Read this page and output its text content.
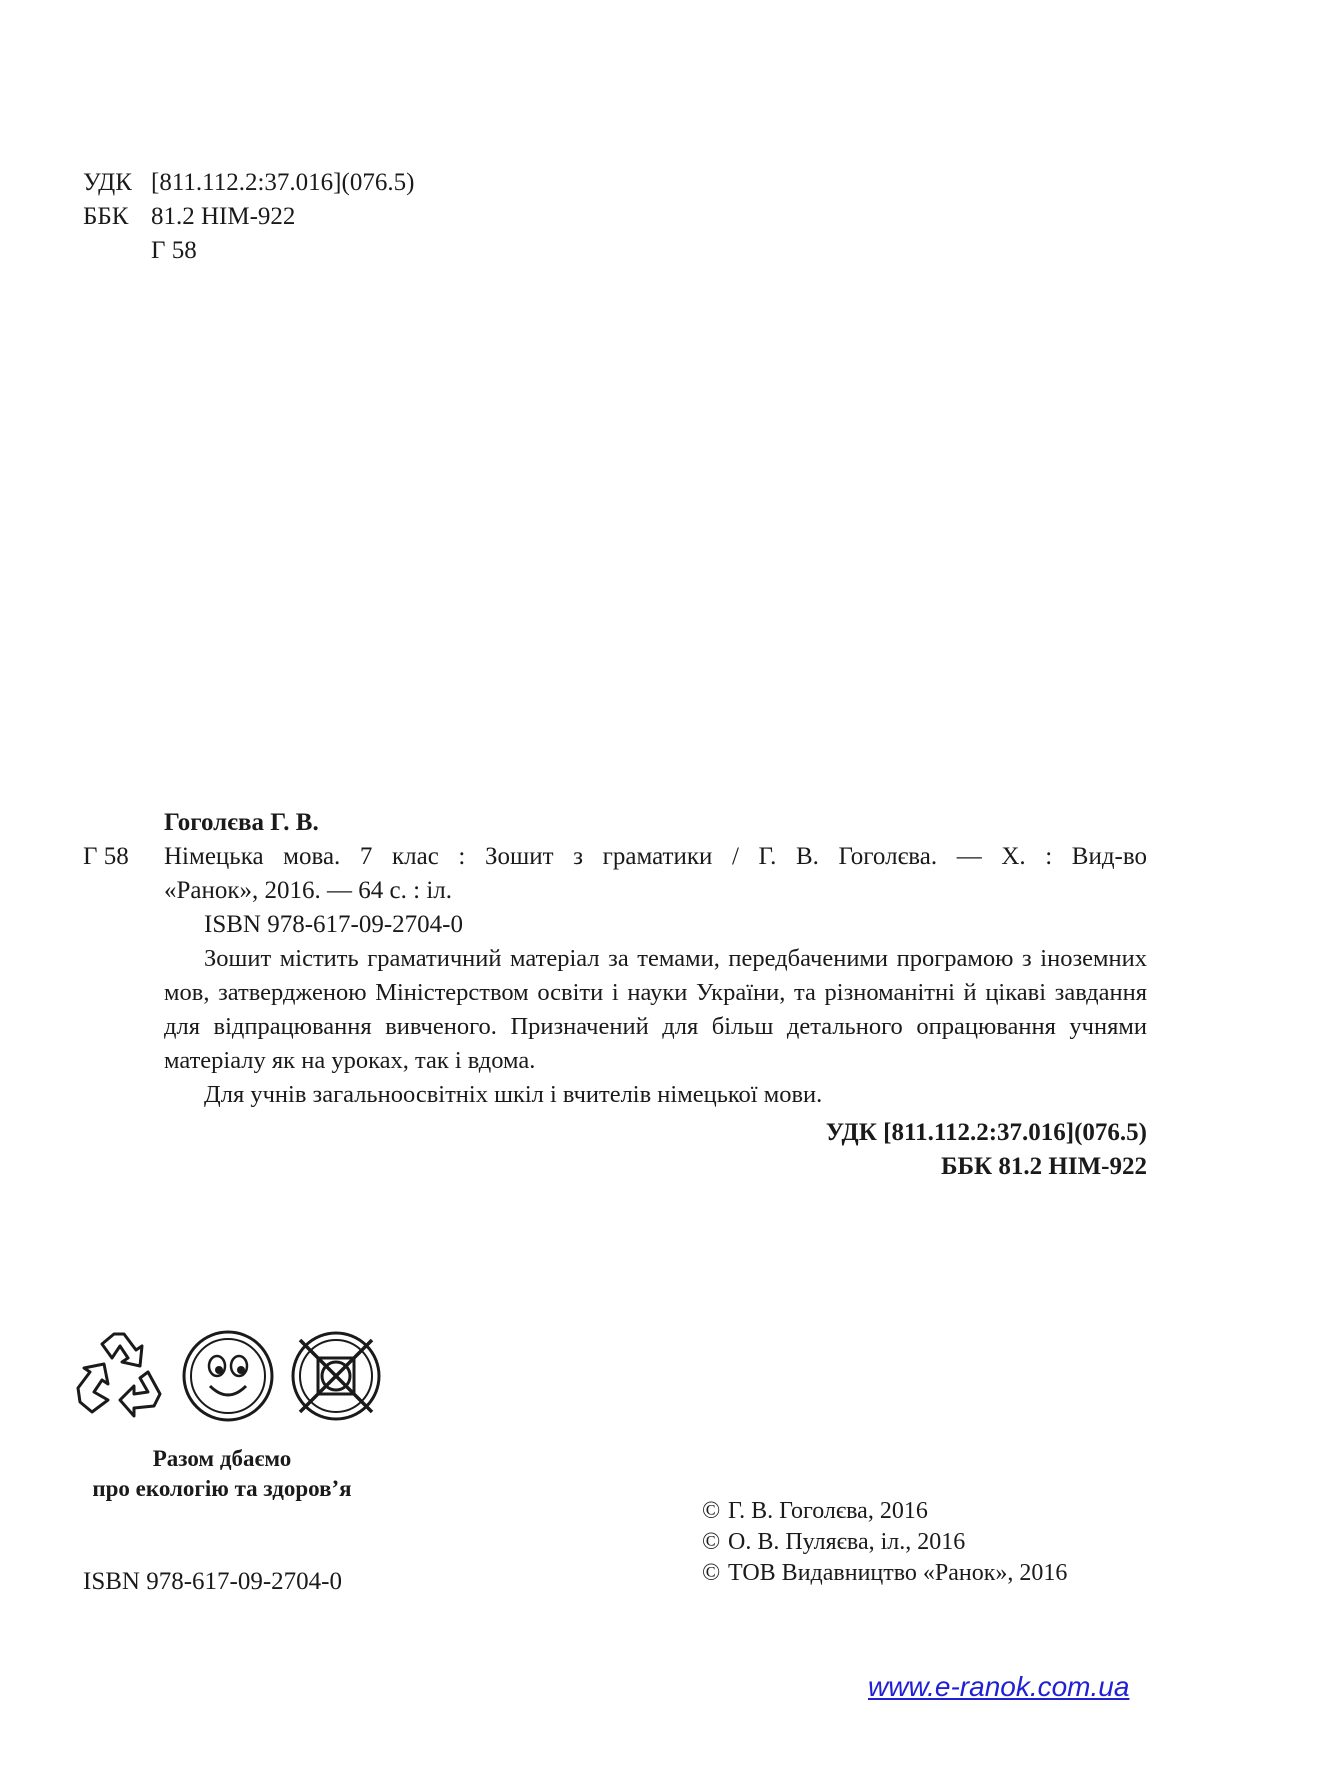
УДК [811.112.2:37.016](076.5)
ББК 81.2 НІМ-922
Г 58
Гоголєва Г. В.
Г 58	Німецька мова. 7 клас : Зошит з граматики / Г. В. Гоголєва. — Х. : Вид-во
«Ранок», 2016. — 64 с. : іл.
ISBN 978-617-09-2704-0

Зошит містить граматичний матеріал за темами, передбаченими програмою з іноземних мов, затвердженою Міністерством освіти і науки України, та різноманітні й цікаві завдання для відпрацювання вивченого. Призначений для більш детального опрацювання учнями матеріалу як на уроках, так і вдома.

Для учнів загальноосвітніх шкіл і вчителів німецької мови.

УДК [811.112.2:37.016](076.5)
ББК 81.2 НІМ-922
Разом дбаємо
про екологію та здоров’я
ISBN 978-617-09-2704-0
© Г. В. Гоголєва, 2016
© О. В. Пуляєва, іл., 2016
© ТОВ Видавництво «Ранок», 2016
www.e-ranok.com.ua
